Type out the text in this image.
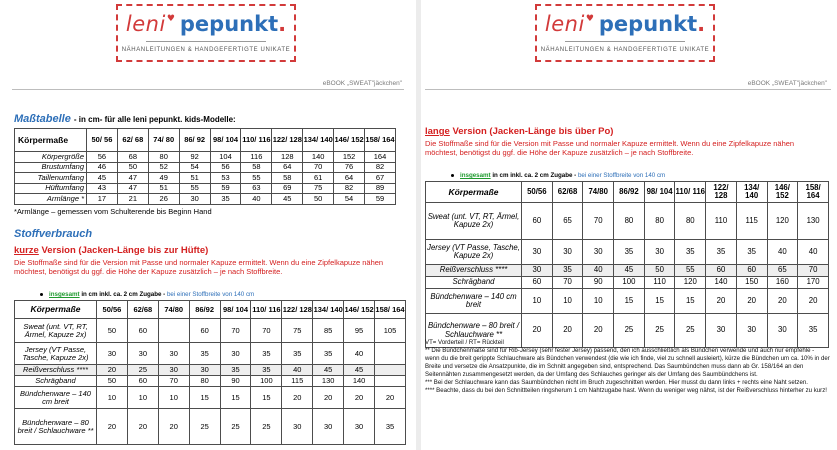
leni♥ pepunkt.
NÄHANLEITUNGEN & HANDGEFERTIGTE UNIKATE
eBOOK „SWEAT"jäckchen"
Maßtabelle - in cm- für alle leni pepunkt. kids-Modelle:
Körpermaße	50/ 56	62/ 68	74/ 80	86/ 92	98/ 104	110/ 116	122/ 128	134/ 140	146/ 152	158/ 164
Körpergröße	56	68	80	92	104	116	128	140	152	164
Brustumfang	46	50	52	54	56	58	64	70	76	82
Taillenumfang	45	47	49	51	53	55	58	61	64	67
Hüftumfang	43	47	51	55	59	63	69	75	82	89
Armlänge *	17	21	26	30	35	40	45	50	54	59
*Armlänge – gemessen vom Schulterende bis Beginn Hand
Stoffverbrauch
kurze Version (Jacken-Länge bis zur Hüfte)
Die Stoffmaße sind für die Version mit Passe und normaler Kapuze ermittelt. Wenn du eine Zipfelkapuze nähen möchtest, benötigst du ggf. die Höhe der Kapuze zusätzlich – je nach Stoffbreite.
insgesamt in cm inkl. ca. 2 cm Zugabe - bei einer Stoffbreite von 140 cm
Körpermaße	50/56	62/68	74/80	86/92	98/ 104	110/ 116	122/ 128	134/ 140	146/ 152	158/ 164
Sweat (unt. VT, RT, Ärmel, Kapuze 2x)	50	60		60	70	70	75	85	95	105
Jersey (VT Passe, Tasche, Kapuze 2x)	30	30	30	35	30	35	35	35	40	
Reißverschluss ****	20	25	30	30	35	35	40	45	45	
Schrägband	50	60	70	80	90	100	115	130	140	
Bündchenware – 140 cm breit	10	10	10	15	15	15	20	20	20	20
Bündchenware – 80 breit / Schlauchware **	20	20	20	25	25	25	30	30	30	35
leni♥ pepunkt.
NÄHANLEITUNGEN & HANDGEFERTIGTE UNIKATE
eBOOK „SWEAT"jäckchen"
lange Version (Jacken-Länge bis über Po)
Die Stoffmaße sind für die Version mit Passe und normaler Kapuze ermittelt. Wenn du eine Zipfelkapuze nähen möchtest, benötigst du ggf. die Höhe der Kapuze zusätzlich – je nach Stoffbreite.
insgesamt in cm inkl. ca. 2 cm Zugabe - bei einer Stoffbreite von 140 cm
Körpermaße	50/56	62/68	74/80	86/92	98/ 104	110/ 116	122/ 128	134/ 140	146/ 152	158/ 164
Sweat (unt. VT, RT, Ärmel, Kapuze 2x)	60	65	70	80	80	80	110	115	120	130
Jersey (VT Passe, Tasche, Kapuze 2x)	30	30	30	35	30	35	35	35	40	40
Reißverschluss ****	30	35	40	45	50	55	60	60	65	70
Schrägband	60	70	90	100	110	120	140	150	160	170
Bündchenware – 140 cm breit	10	10	10	15	15	15	20	20	20	20
Bündchenware – 80 breit / Schlauchware **	20	20	20	25	25	25	30	30	30	35

VT= Vorderteil / RT= Rückteil

** Die Bündchenmaße sind für Rib-Jersey (sehr fester Jersey) passend, den ich ausschließlich als Bündchen verwende und auch nur empfehle - wenn du die breit gerippte Schlauchware als Bündchen verwendest (die wie ich finde, viel zu schnell ausleiert), kürze die Bündchen um ca. 10% in der Breite und versetze die Ansatzpunkte, die im Schnitt angegeben sind, entsprechend. Das Saumbündchen muss dann ab Gr. 158/164 an den Seitennähten zusammengesetzt werden, da der Umfang des Schlauches geringer als der Umfang des Saumbündchens ist.

*** Bei der Schlauchware kann das Saumbündchen nicht im Bruch zugeschnitten werden. Hier musst du dann links + rechts eine Naht setzen.

**** Beachte, dass du bei den Schnittteilen ringsherum 1 cm Nahtzugabe hast. Wenn du weniger weg nähst, ist der Reißverschluss hinterher zu kurz!
